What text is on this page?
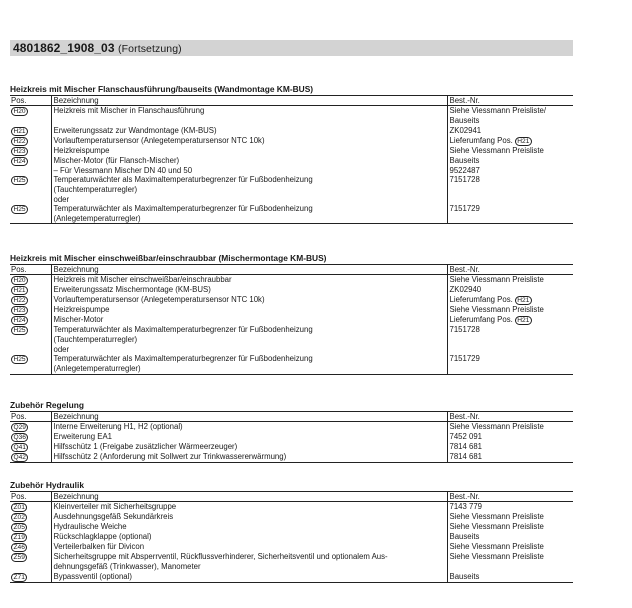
4801862_1908_03 (Fortsetzung)
Heizkreis mit Mischer Flanschausführung/bauseits (Wandmontage KM-BUS)
Pos.	Bezeichnung	Best.-Nr.
H20	Heizkreis mit Mischer in Flanschausführung	Siehe Viessmann Preisliste/
		Bauseits
H21	Erweiterungssatz zur Wandmontage (KM-BUS)	ZK02941
H22	Vorlauftemperatursensor (Anlegetemperatursensor NTC 10k)	Lieferumfang Pos. H21
H23	Heizkreispumpe	Siehe Viessmann Preisliste
H24	Mischer-Motor (für Flansch-Mischer)	Bauseits
	– Für Viessmann Mischer DN 40 und 50	9522487
H25	Temperaturwächter als Maximaltemperaturbegrenzer für Fußbodenheizung	7151728
	(Tauchtemperaturregler)	
	oder	
H25	Temperaturwächter als Maximaltemperaturbegrenzer für Fußbodenheizung	7151729
	(Anlegetemperaturregler)	
Heizkreis mit Mischer einschweißbar/einschraubbar (Mischermontage KM-BUS)
Pos.	Bezeichnung	Best.-Nr.
H20	Heizkreis mit Mischer einschweißbar/einschraubbar	Siehe Viessmann Preisliste
H21	Erweiterungssatz Mischermontage (KM-BUS)	ZK02940
H22	Vorlauftemperatursensor (Anlegetemperatursensor NTC 10k)	Lieferumfang Pos. H21
H23	Heizkreispumpe	Siehe Viessmann Preisliste
H24	Mischer-Motor	Lieferumfang Pos. H21
H25	Temperaturwächter als Maximaltemperaturbegrenzer für Fußbodenheizung	7151728
	(Tauchtemperaturregler)	
	oder	
H25	Temperaturwächter als Maximaltemperaturbegrenzer für Fußbodenheizung	7151729
	(Anlegetemperaturregler)	
Zubehör Regelung
Pos.	Bezeichnung	Best.-Nr.
Q29	Interne Erweiterung H1, H2 (optional)	Siehe Viessmann Preisliste
Q36	Erweiterung EA1	7452 091
Q41	Hilfsschütz 1 (Freigabe zusätzlicher Wärmeerzeuger)	7814 681
Q42	Hilfsschütz 2 (Anforderung mit Sollwert zur Trinkwassererwärmung)	7814 681
Zubehör Hydraulik
Pos.	Bezeichnung	Best.-Nr.
Z01	Kleinverteiler mit Sicherheitsgruppe	7143 779
Z02	Ausdehnungsgefäß Sekundärkreis	Siehe Viessmann Preisliste
Z05	Hydraulische Weiche	Siehe Viessmann Preisliste
Z19	Rückschlagklappe (optional)	Bauseits
Z46	Verteilerbalken für Divicon	Siehe Viessmann Preisliste
Z59	Sicherheitsgruppe mit Absperrventil, Rückflussverhinderer, Sicherheitsventil und optionalem Aus-	Siehe Viessmann Preisliste
	dehnungsgefäß (Trinkwasser), Manometer	
Z71	Bypassventil (optional)	Bauseits
